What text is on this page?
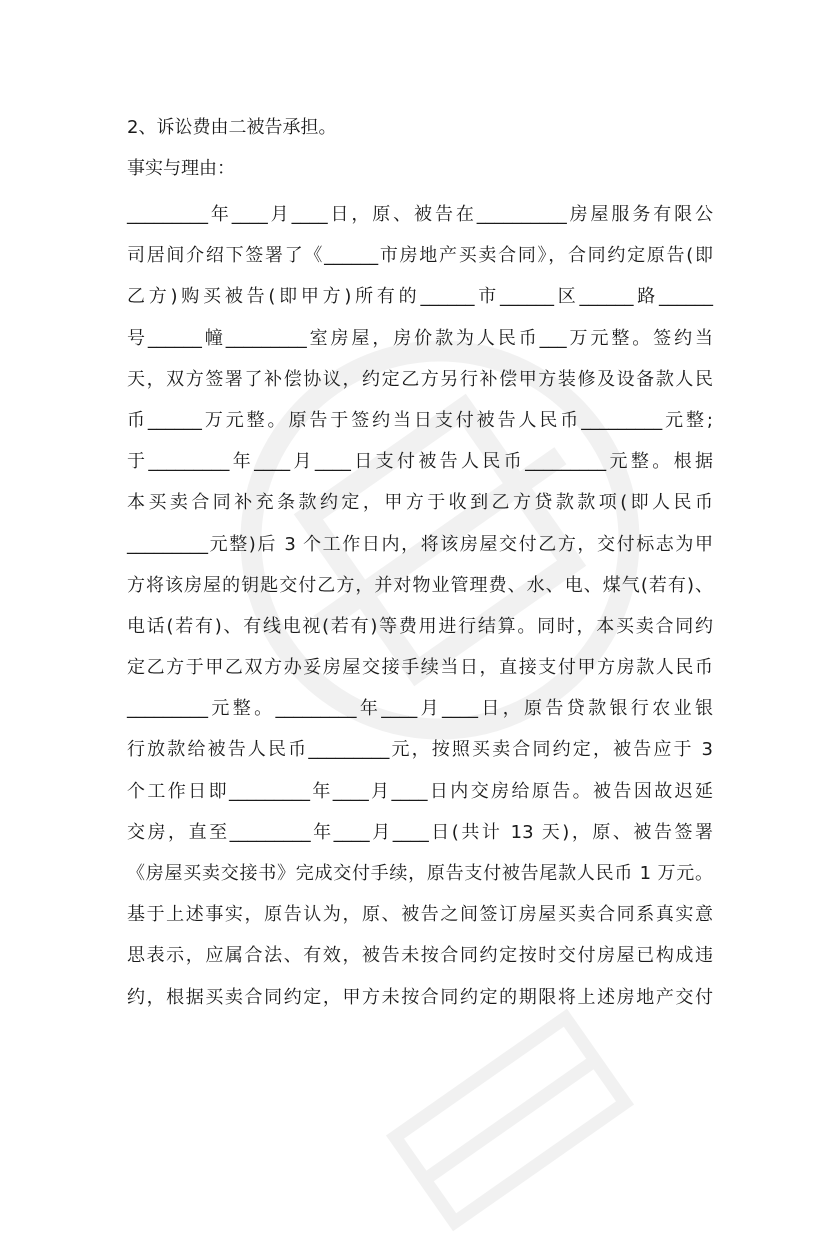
2、诉讼费由二被告承担。
事实与理由：
_________年____月____日，原、被告在__________房屋服务有限公
司居间介绍下签署了《______市房地产买卖合同》，合同约定原告(即
乙方)购买被告(即甲方)所有的______市______区______路______
号______幢_________室房屋，房价款为人民币___万元整。签约当
天，双方签署了补偿协议，约定乙方另行补偿甲方装修及设备款人民
币______万元整。原告于签约当日支付被告人民币_________元整;
于_________年____月____日支付被告人民币_________元整。根据
本买卖合同补充条款约定，甲方于收到乙方贷款款项(即人民币
_________元整)后 3 个工作日内，将该房屋交付乙方，交付标志为甲
方将该房屋的钥匙交付乙方，并对物业管理费、水、电、煤气(若有)、
电话(若有)、有线电视(若有)等费用进行结算。同时，本买卖合同约
定乙方于甲乙双方办妥房屋交接手续当日，直接支付甲方房款人民币
_________元整。_________年____月____日，原告贷款银行农业银
行放款给被告人民币_________元，按照买卖合同约定，被告应于 3
个工作日即_________年____月____日内交房给原告。被告因故迟延
交房，直至_________年____月____日(共计 13 天)，原、被告签署
《房屋买卖交接书》完成交付手续，原告支付被告尾款人民币 1 万元。
基于上述事实，原告认为，原、被告之间签订房屋买卖合同系真实意
思表示，应属合法、有效，被告未按合同约定按时交付房屋已构成违
约，根据买卖合同约定，甲方未按合同约定的期限将上述房地产交付
